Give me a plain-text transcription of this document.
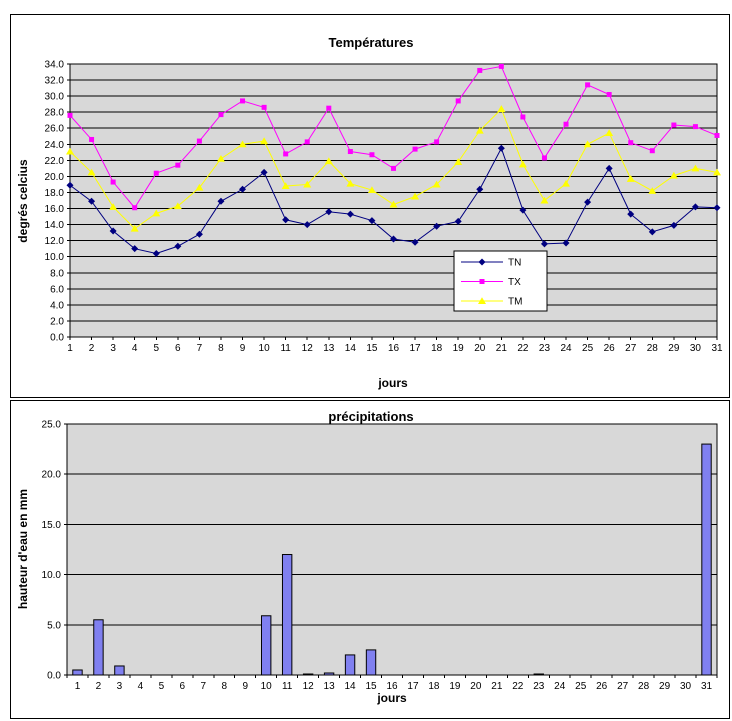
0.0
2.0
4.0
6.0
8.0
10.0
12.0
14.0
16.0
18.0
20.0
22.0
24.0
26.0
28.0
30.0
32.0
34.0
1 2 3 4 5 6 7 8 9 10 11 12 13 14 15 16 17 18 19 20 21 22 23 24 25 26 27 28 29 30 31
TN
TX
TM
Températures
jours
degrés celcius
0.0
5.0
10.0
15.0
20.0
25.0
1 2 3 4 5 6 7 8 9 10 11 12 13 14 15 16 17 18 19 20 21 22 23 24 25 26 27 28 29 30 31
précipitations
jours
hauteur d'eau en mm
